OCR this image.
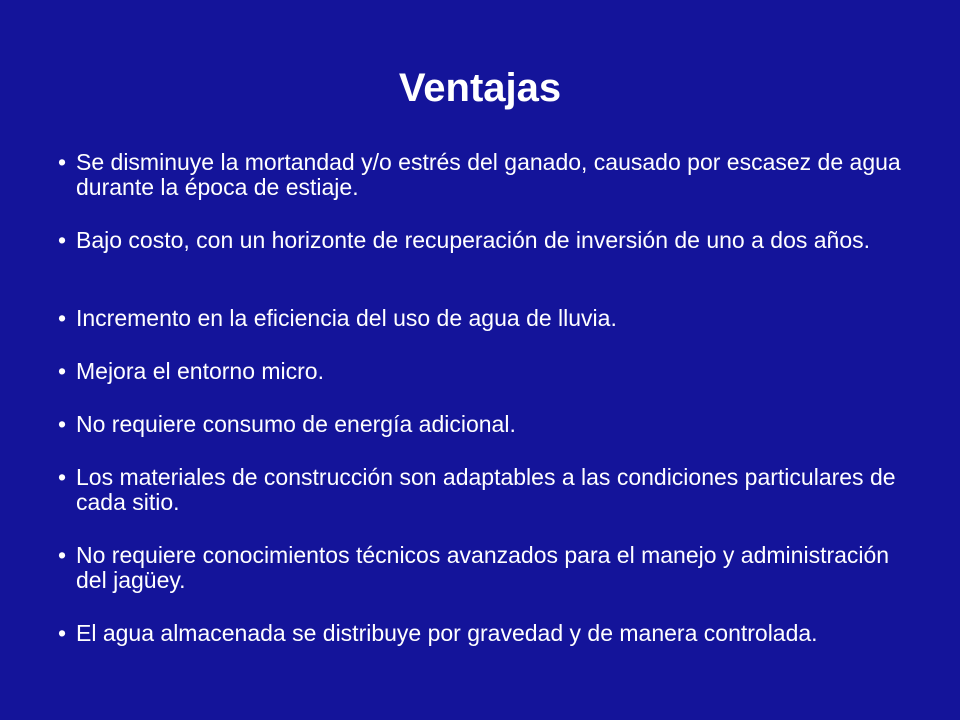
Ventajas
• Se disminuye la mortandad y/o estrés del ganado, causado por escasez de agua durante la época de estiaje.
• Bajo costo, con un horizonte de recuperación de inversión de uno a dos años.
• Incremento en la eficiencia del uso de agua de lluvia.
• Mejora el entorno micro.
• No requiere consumo de energía adicional.
• Los materiales de construcción son adaptables a las condiciones particulares de cada sitio.
• No requiere conocimientos técnicos avanzados para el manejo y administración del jagüey.
• El agua almacenada se distribuye por gravedad y de manera controlada.
